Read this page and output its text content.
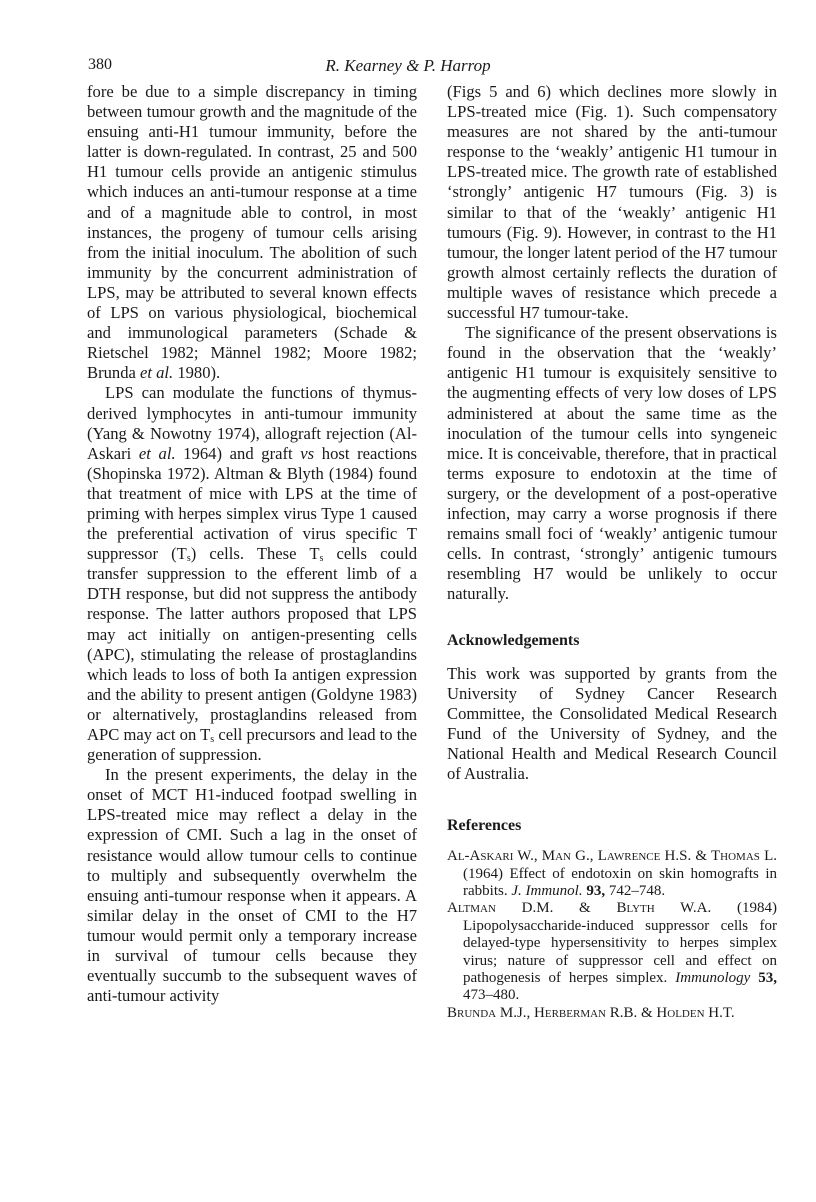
380	R. Kearney & P. Harrop

fore be due to a simple discrepancy in timing between tumour growth and the magnitude of the ensuing anti-H1 tumour immunity, before the latter is down-regulated. In contrast, 25 and 500 H1 tumour cells provide an antigenic stimulus which induces an anti-tumour response at a time and of a magnitude able to control, in most instances, the progeny of tumour cells arising from the initial inoculum. The abolition of such immunity by the concurrent administration of LPS, may be attributed to several known effects of LPS on various physiological, biochemical and immunological parameters (Schade & Rietschel 1982; Männel 1982; Moore 1982; Brunda et al. 1980).

LPS can modulate the functions of thymus-derived lymphocytes in anti-tumour immunity (Yang & Nowotny 1974), allograft rejection (Al-Askari et al. 1964) and graft vs host reactions (Shopinska 1972). Altman & Blyth (1984) found that treatment of mice with LPS at the time of priming with herpes simplex virus Type 1 caused the preferential activation of virus specific T suppressor $(T_s)$ cells. These $T_s$ cells could transfer suppression to the efferent limb of a DTH response, but did not suppress the antibody response. The latter authors proposed that LPS may act initially on antigen-presenting cells (APC), stimulating the release of prostaglandins which leads to loss of both Ia antigen expression and the ability to present antigen (Goldyne 1983) or alternatively, prostaglandins released from APC may act on $T_s$ cell precursors and lead to the generation of suppression.

In the present experiments, the delay in the onset of MCT H1-induced footpad swelling in LPS-treated mice may reflect a delay in the expression of CMI. Such a lag in the onset of resistance would allow tumour cells to continue to multiply and subsequently overwhelm the ensuing anti-tumour response when it appears. A similar delay in the onset of CMI to the H7 tumour would permit only a temporary increase in survival of tumour cells because they eventually succumb to the subsequent waves of anti-tumour activity

(Figs 5 and 6) which declines more slowly in LPS-treated mice (Fig. 1). Such compensatory measures are not shared by the anti-tumour response to the ‘weakly’ antigenic H1 tumour in LPS-treated mice. The growth rate of established ‘strongly’ antigenic H7 tumours (Fig. 3) is similar to that of the ‘weakly’ antigenic H1 tumours (Fig. 9). However, in contrast to the H1 tumour, the longer latent period of the H7 tumour growth almost certainly reflects the duration of multiple waves of resistance which precede a successful H7 tumour-take.

The significance of the present observations is found in the observation that the ‘weakly’ antigenic H1 tumour is exquisitely sensitive to the augmenting effects of very low doses of LPS administered at about the same time as the inoculation of the tumour cells into syngeneic mice. It is conceivable, therefore, that in practical terms exposure to endotoxin at the time of surgery, or the development of a post-operative infection, may carry a worse prognosis if there remains small foci of ‘weakly’ antigenic tumour cells. In contrast, ‘strongly’ antigenic tumours resembling H7 would be unlikely to occur naturally.

Acknowledgements

This work was supported by grants from the University of Sydney Cancer Research Committee, the Consolidated Medical Research Fund of the University of Sydney, and the National Health and Medical Research Council of Australia.

References

Al-Askari W., Man G., Lawrence H.S. & Thomas L. (1964) Effect of endotoxin on skin homografts in rabbits. J. Immunol. 93, 742–748.

Altman D.M. & Blyth W.A. (1984) Lipopolysaccharide-induced suppressor cells for delayed-type hypersensitivity to herpes simplex virus; nature of suppressor cell and effect on pathogenesis of herpes simplex. Immunology 53, 473–480.

Brunda M.J., Herberman R.B. & Holden H.T.
